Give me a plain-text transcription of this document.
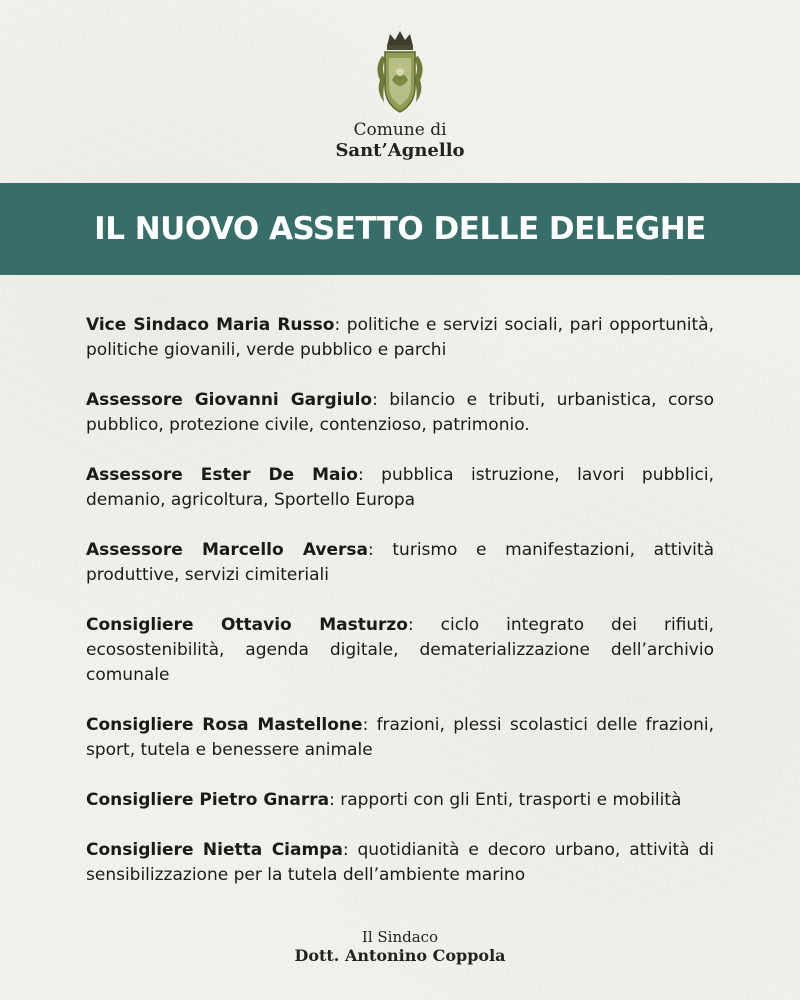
Comune di
Sant’Agnello
IL NUOVO ASSETTO DELLE DELEGHE

Vice Sindaco Maria Russo: politiche e servizi sociali, pari opportunità, politiche giovanili, verde pubblico e parchi

Assessore Giovanni Gargiulo: bilancio e tributi, urbanistica, corso pubblico, protezione civile, contenzioso, patrimonio.

Assessore Ester De Maio: pubblica istruzione, lavori pubblici, demanio, agricoltura, Sportello Europa

Assessore Marcello Aversa: turismo e manifestazioni, attività produttive, servizi cimiteriali

Consigliere Ottavio Masturzo: ciclo integrato dei rifiuti, ecosostenibilità, agenda digitale, dematerializzazione dell’archivio comunale

Consigliere Rosa Mastellone: frazioni, plessi scolastici delle frazioni, sport, tutela e benessere animale

Consigliere Pietro Gnarra: rapporti con gli Enti, trasporti e mobilità

Consigliere Nietta Ciampa: quotidianità e decoro urbano, attività di sensibilizzazione per la tutela dell’ambiente marino

Il Sindaco
Dott. Antonino Coppola
